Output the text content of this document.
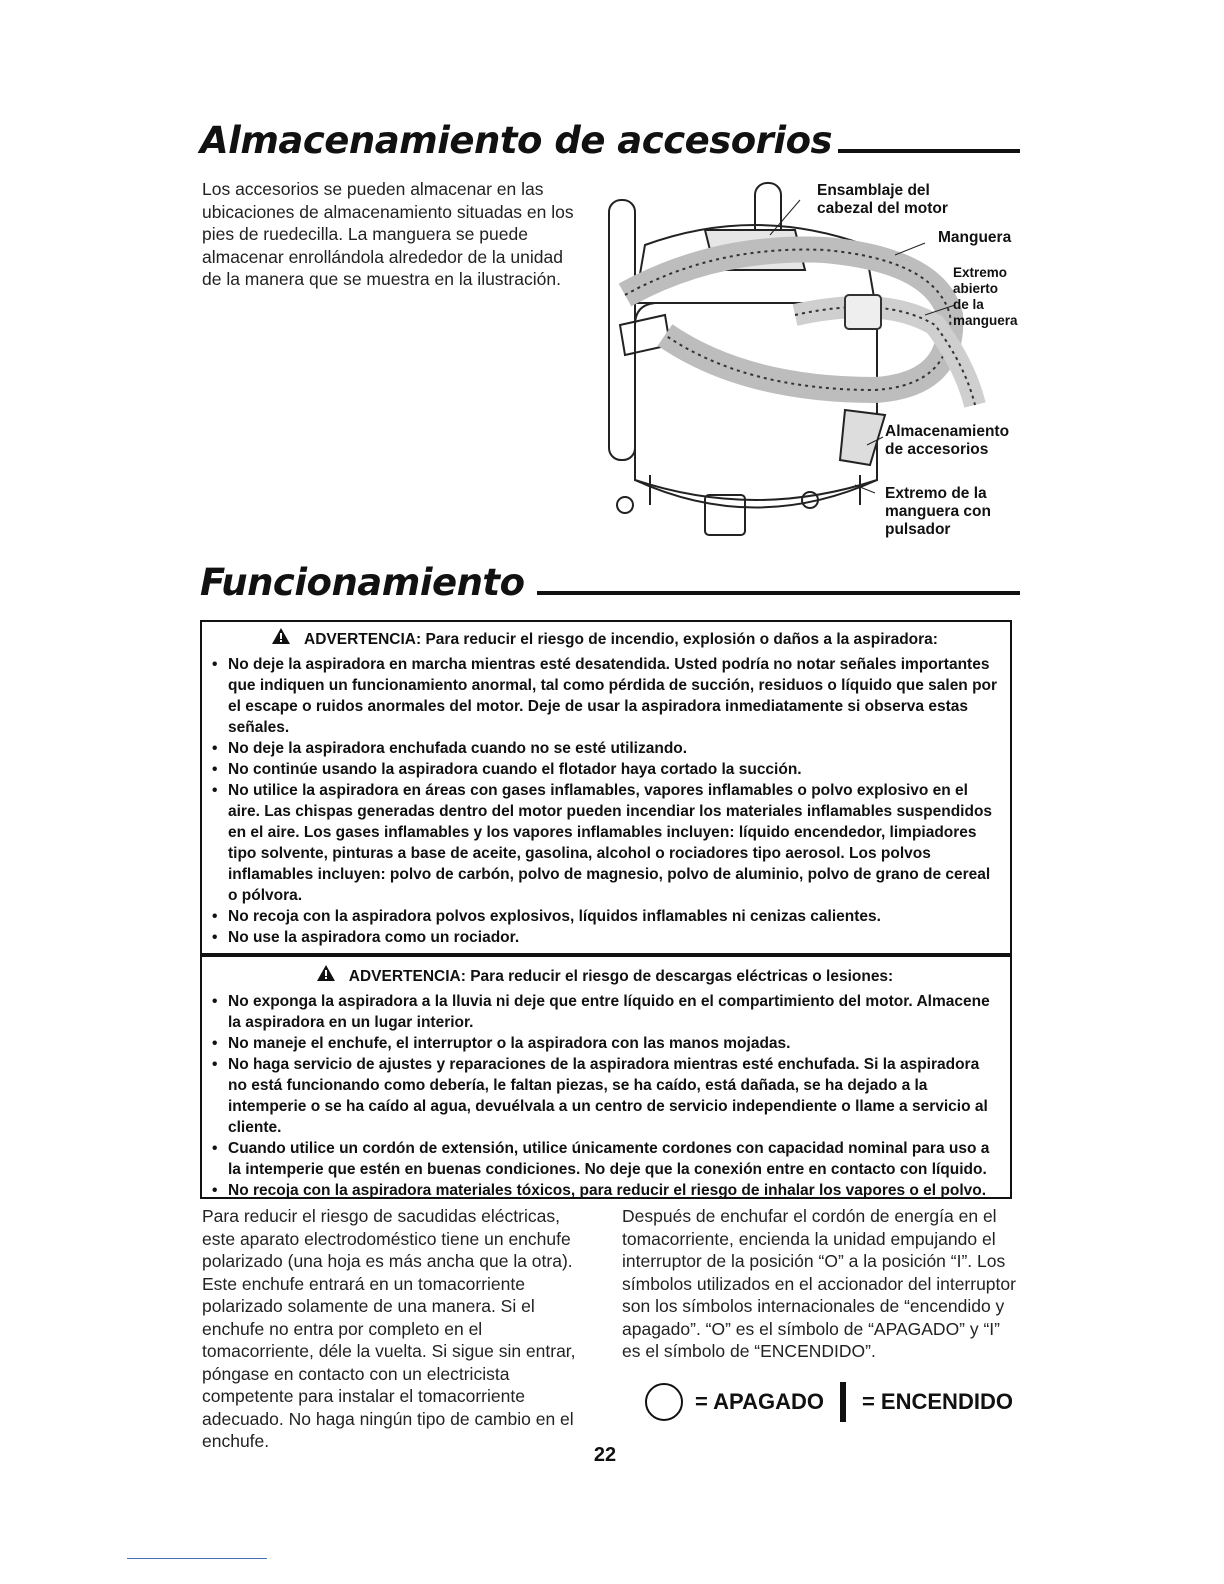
Almacenamiento de accesorios

Los accesorios se pueden almacenar en las ubicaciones de almacenamiento situadas en los pies de ruedecilla. La manguera se puede almacenar enrollándola alrededor de la unidad de la manera que se muestra en la ilustración.

Ensamblaje del
cabezal del motor

Manguera

Extremo
abierto
de la
manguera

Almacenamiento
de accesorios

Extremo de la
manguera con
pulsador

Funcionamiento
ADVERTENCIA: Para reducir el riesgo de incendio, explosión o daños a la aspiradora:
• No deje la aspiradora en marcha mientras esté desatendida. Usted podría no notar señales importantes que indiquen un funcionamiento anormal, tal como pérdida de succión, residuos o líquido que salen por el escape o ruidos anormales del motor. Deje de usar la aspiradora inmediatamente si observa estas señales.
• No deje la aspiradora enchufada cuando no se esté utilizando.
• No continúe usando la aspiradora cuando el flotador haya cortado la succión.
• No utilice la aspiradora en áreas con gases inflamables, vapores inflamables o polvo explosivo en el aire. Las chispas generadas dentro del motor pueden incendiar los materiales inflamables suspendidos en el aire. Los gases inflamables y los vapores inflamables incluyen: líquido encendedor, limpiadores tipo solvente, pinturas a base de aceite, gasolina, alcohol o rociadores tipo aerosol. Los polvos inflamables incluyen: polvo de carbón, polvo de magnesio, polvo de aluminio, polvo de grano de cereal o pólvora.
• No recoja con la aspiradora polvos explosivos, líquidos inflamables ni cenizas calientes.
• No use la aspiradora como un rociador.
ADVERTENCIA: Para reducir el riesgo de descargas eléctricas o lesiones:
• No exponga la aspiradora a la lluvia ni deje que entre líquido en el compartimiento del motor. Almacene la aspiradora en un lugar interior.
• No maneje el enchufe, el interruptor o la aspiradora con las manos mojadas.
• No haga servicio de ajustes y reparaciones de la aspiradora mientras esté enchufada. Si la aspiradora no está funcionando como debería, le faltan piezas, se ha caído, está dañada, se ha dejado a la intemperie o se ha caído al agua, devuélvala a un centro de servicio independiente o llame a servicio al cliente.
• Cuando utilice un cordón de extensión, utilice únicamente cordones con capacidad nominal para uso a la intemperie que estén en buenas condiciones. No deje que la conexión entre en contacto con líquido.
• No recoja con la aspiradora materiales tóxicos, para reducir el riesgo de inhalar los vapores o el polvo.

Para reducir el riesgo de sacudidas eléctricas, este aparato electrodoméstico tiene un enchufe polarizado (una hoja es más ancha que la otra). Este enchufe entrará en un tomacorriente polarizado solamente de una manera. Si el enchufe no entra por completo en el tomacorriente, déle la vuelta. Si sigue sin entrar, póngase en contacto con un electricista competente para instalar el tomacorriente adecuado. No haga ningún tipo de cambio en el enchufe.

Después de enchufar el cordón de energía en el tomacorriente, encienda la unidad empujando el interruptor de la posición “O” a la posición “I”. Los símbolos utilizados en el accionador del interruptor son los símbolos internacionales de “encendido y apagado”. “O” es el símbolo de “APAGADO” y “I” es el símbolo de “ENCENDIDO”.

= APAGADO = ENCENDIDO
22
